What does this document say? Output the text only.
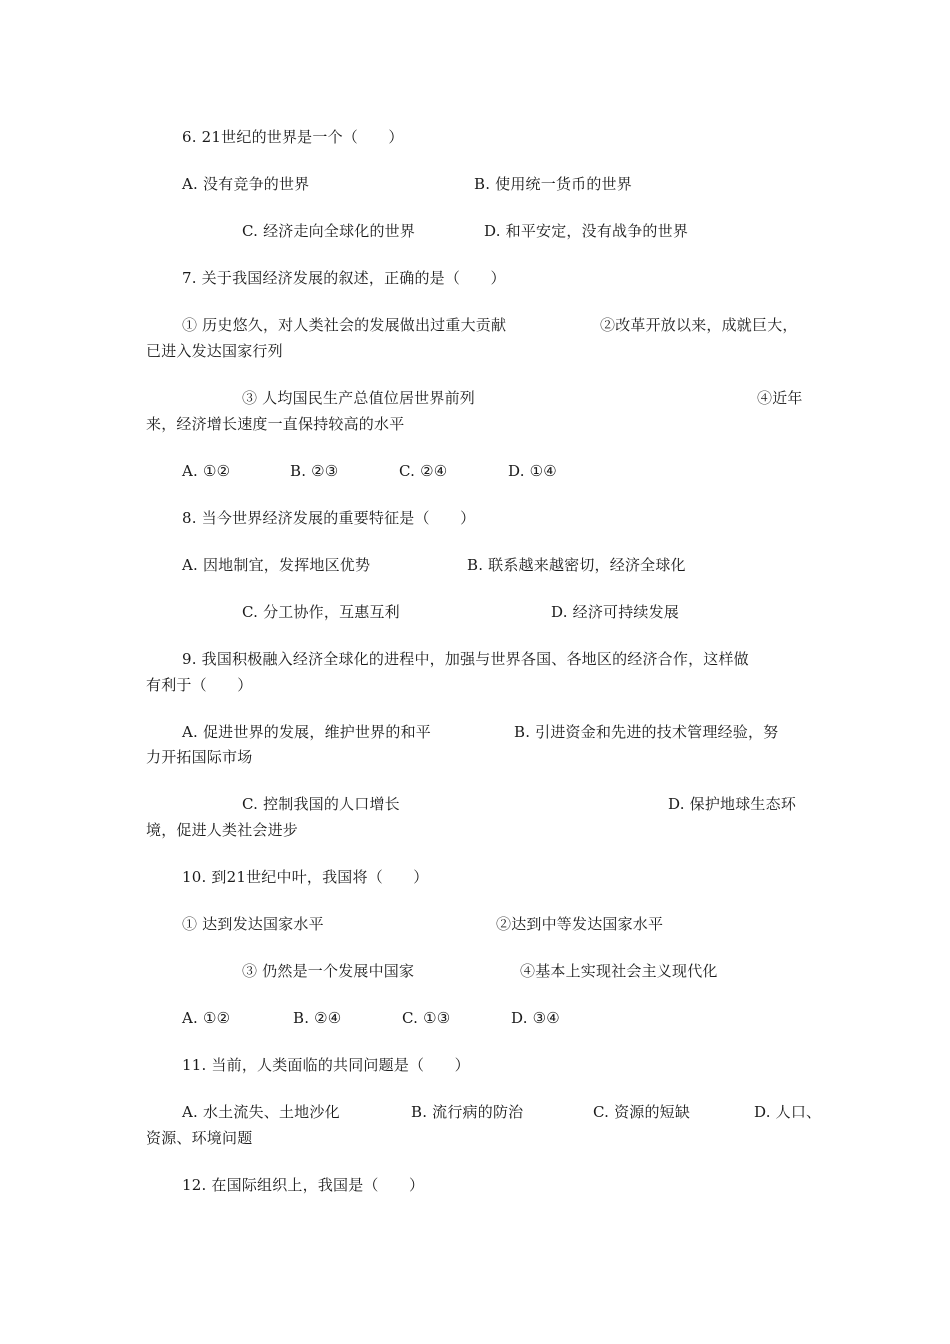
6. 21世纪的世界是一个（　　）
A. 没有竞争的世界	B. 使用统一货币的世界
C. 经济走向全球化的世界	D. 和平安定，没有战争的世界
7. 关于我国经济发展的叙述，正确的是（　　）
① 历史悠久，对人类社会的发展做出过重大贡献	②改革开放以来，成就巨大，
已进入发达国家行列
③ 人均国民生产总值位居世界前列	④近年
来，经济增长速度一直保持较高的水平
A. ①②	B. ②③	C. ②④	D. ①④
8. 当今世界经济发展的重要特征是（　　）
A. 因地制宜，发挥地区优势	B. 联系越来越密切，经济全球化
C. 分工协作，互惠互利	D. 经济可持续发展
9. 我国积极融入经济全球化的进程中，加强与世界各国、各地区的经济合作，这样做
有利于（　　）
A. 促进世界的发展，维护世界的和平	B. 引进资金和先进的技术管理经验，努
力开拓国际市场
C. 控制我国的人口增长	D. 保护地球生态环
境，促进人类社会进步
10. 到21世纪中叶，我国将（　　）
① 达到发达国家水平	②达到中等发达国家水平
③ 仍然是一个发展中国家	④基本上实现社会主义现代化
A. ①②	B. ②④	C. ①③	D. ③④
11. 当前，人类面临的共同问题是（　　）
A. 水土流失、土地沙化	B. 流行病的防治	C. 资源的短缺	D. 人口、
资源、环境问题
12. 在国际组织上，我国是（　　）
